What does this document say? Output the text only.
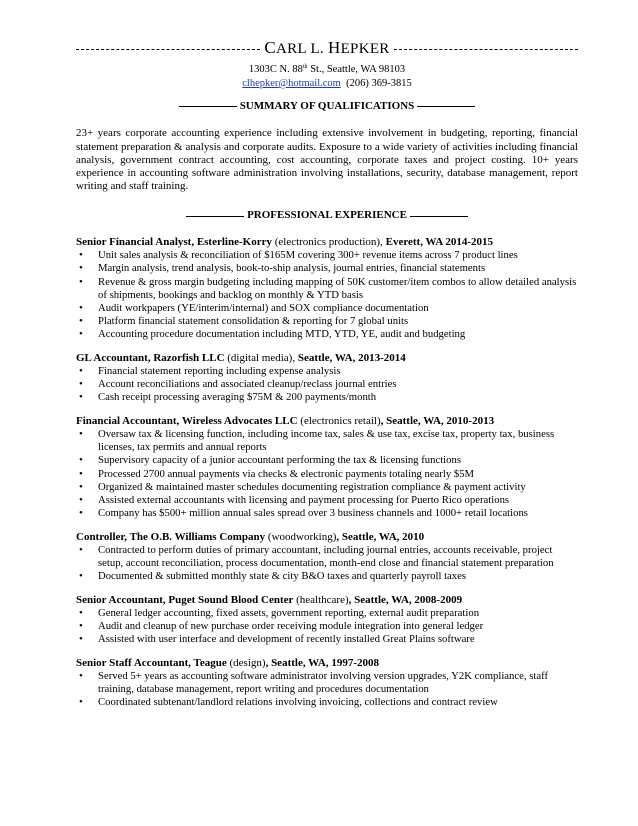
CARL L. HEPKER
1303C N. 88th St., Seattle, WA 98103
clhepker@hotmail.com (206) 369-3815
SUMMARY OF QUALIFICATIONS

23+ years corporate accounting experience including extensive involvement in budgeting, reporting, financial statement preparation & analysis and corporate audits. Exposure to a wide variety of activities including financial analysis, government contract accounting, cost accounting, corporate taxes and project costing. 10+ years experience in accounting software administration involving installations, security, database management, report writing and staff training.

PROFESSIONAL EXPERIENCE

Senior Financial Analyst, Esterline-Korry (electronics production), Everett, WA 2014-2015

• Unit sales analysis & reconciliation of $165M covering 300+ revenue items across 7 product lines
• Margin analysis, trend analysis, book-to-ship analysis, journal entries, financial statements
• Revenue & gross margin budgeting including mapping of 50K customer/item combos to allow detailed analysis of shipments, bookings and backlog on monthly & YTD basis
• Audit workpapers (YE/interim/internal) and SOX compliance documentation
• Platform financial statement consolidation & reporting for 7 global units
• Accounting procedure documentation including MTD, YTD, YE, audit and budgeting

GL Accountant, Razorfish LLC (digital media), Seattle, WA, 2013-2014

• Financial statement reporting including expense analysis
• Account reconciliations and associated cleanup/reclass journal entries
• Cash receipt processing averaging $75M & 200 payments/month

Financial Accountant, Wireless Advocates LLC (electronics retail), Seattle, WA, 2010-2013

• Oversaw tax & licensing function, including income tax, sales & use tax, excise tax, property tax, business licenses, tax permits and annual reports
• Supervisory capacity of a junior accountant performing the tax & licensing functions
• Processed 2700 annual payments via checks & electronic payments totaling nearly $5M
• Organized & maintained master schedules documenting registration compliance & payment activity
• Assisted external accountants with licensing and payment processing for Puerto Rico operations
• Company has $500+ million annual sales spread over 3 business channels and 1000+ retail locations

Controller, The O.B. Williams Company (woodworking), Seattle, WA, 2010

• Contracted to perform duties of primary accountant, including journal entries, accounts receivable, project setup, account reconciliation, process documentation, month-end close and financial statement preparation
• Documented & submitted monthly state & city B&O taxes and quarterly payroll taxes

Senior Accountant, Puget Sound Blood Center (healthcare), Seattle, WA, 2008-2009

• General ledger accounting, fixed assets, government reporting, external audit preparation
• Audit and cleanup of new purchase order receiving module integration into general ledger
• Assisted with user interface and development of recently installed Great Plains software

Senior Staff Accountant, Teague (design), Seattle, WA, 1997-2008

• Served 5+ years as accounting software administrator involving version upgrades, Y2K compliance, staff training, database management, report writing and procedures documentation
• Coordinated subtenant/landlord relations involving invoicing, collections and contract review
